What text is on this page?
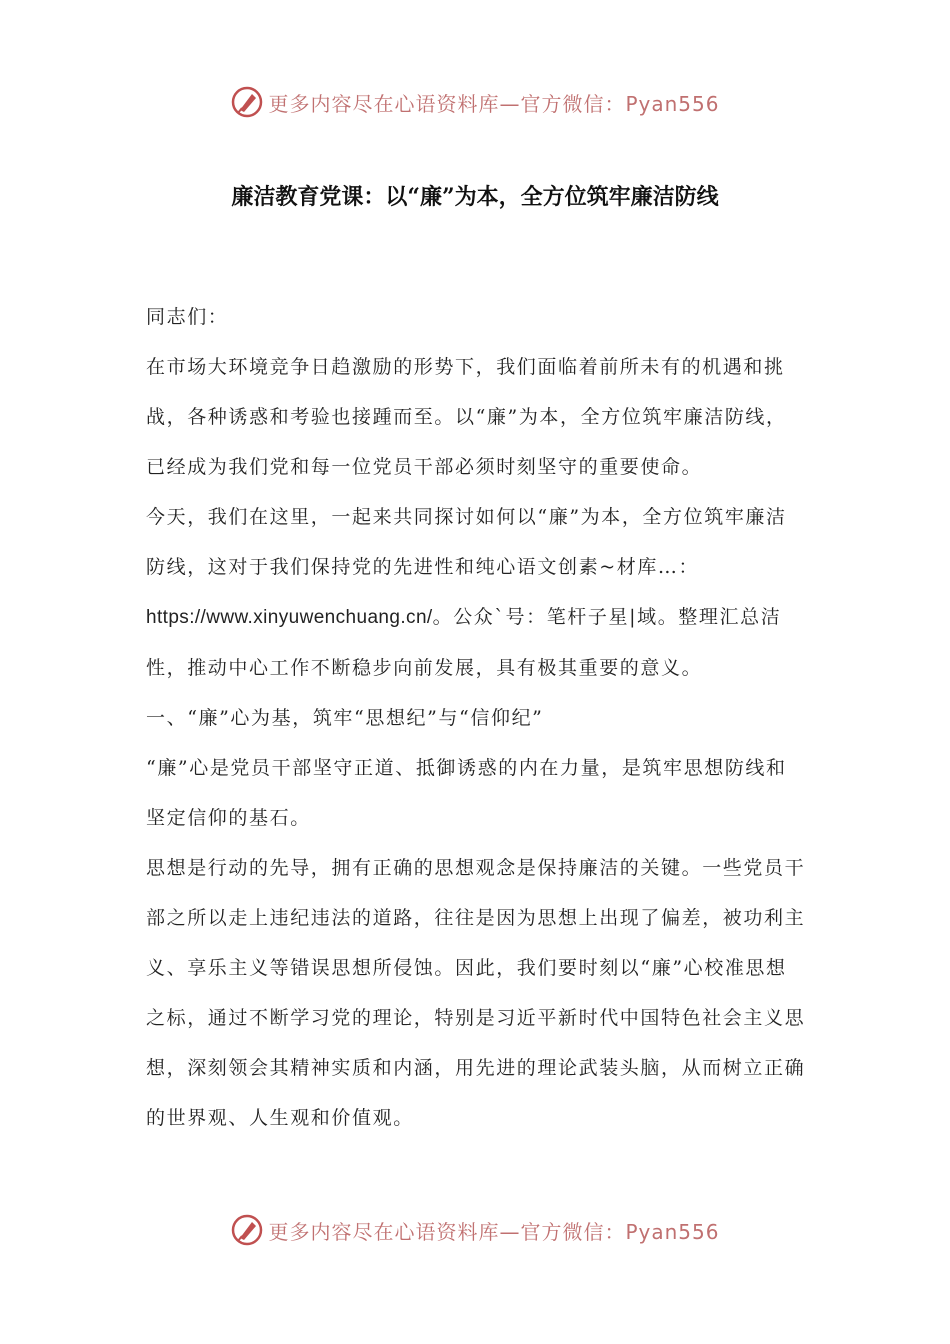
更多内容尽在心语资料库—官方微信：Pyan556
廉洁教育党课：以“廉”为本，全方位筑牢廉洁防线

同志们：

在市场大环境竞争日趋激励的形势下，我们面临着前所未有的机遇和挑战，各种诱惑和考验也接踵而至。以“廉”为本，全方位筑牢廉洁防线，已经成为我们党和每一位党员干部必须时刻坚守的重要使命。

今天，我们在这里，一起来共同探讨如何以“廉”为本，全方位筑牢廉洁防线，这对于我们保持党的先进性和纯心语文创素~材库…：https://www.xinyuwenchuang.cn/。公众`号：笔杆子星|域。整理汇总洁性，推动中心工作不断稳步向前发展，具有极其重要的意义。

一、“廉”心为基，筑牢“思想纪”与“信仰纪”

“廉”心是党员干部坚守正道、抵御诱惑的内在力量，是筑牢思想防线和坚定信仰的基石。

思想是行动的先导，拥有正确的思想观念是保持廉洁的关键。一些党员干部之所以走上违纪违法的道路，往往是因为思想上出现了偏差，被功利主义、享乐主义等错误思想所侵蚀。因此，我们要时刻以“廉”心校准思想之标，通过不断学习党的理论，特别是习近平新时代中国特色社会主义思想，深刻领会其精神实质和内涵，用先进的理论武装头脑，从而树立正确的世界观、人生观和价值观。

更多内容尽在心语资料库—官方微信：Pyan556
